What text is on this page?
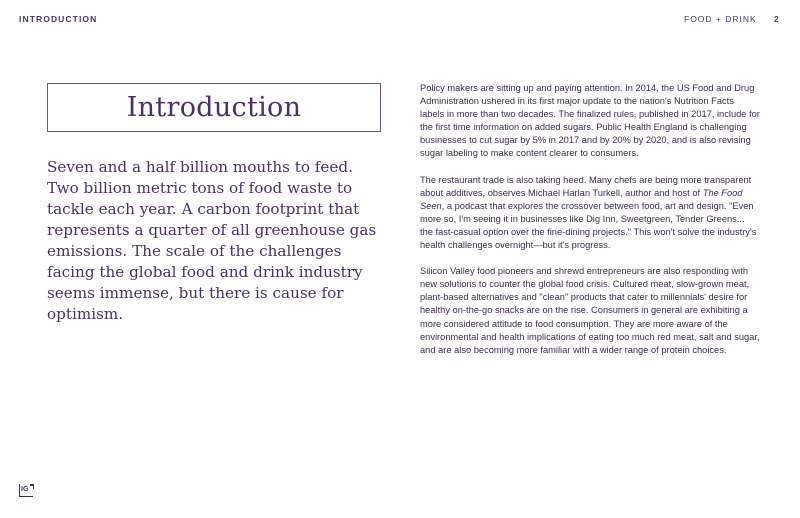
INTRODUCTION	FOOD + DRINK 2
Introduction
Seven and a half billion mouths to feed. Two billion metric tons of food waste to tackle each year. A carbon footprint that represents a quarter of all greenhouse gas emissions. The scale of the challenges facing the global food and drink industry seems immense, but there is cause for optimism.

Policy makers are sitting up and paying attention. In 2014, the US Food and Drug Administration ushered in its first major update to the nation's Nutrition Facts labels in more than two decades. The finalized rules, published in 2017, include for the first time information on added sugars. Public Health England is challenging businesses to cut sugar by 5% in 2017 and by 20% by 2020, and is also revising sugar labeling to make content clearer to consumers.

The restaurant trade is also taking heed. Many chefs are being more transparent about additives, observes Michael Harlan Turkell, author and host of The Food Seen, a podcast that explores the crossover between food, art and design. "Even more so, I'm seeing it in businesses like Dig Inn, Sweetgreen, Tender Greens... the fast-casual option over the fine-dining projects." This won't solve the industry's health challenges overnight—but it's progress.

Silicon Valley food pioneers and shrewd entrepreneurs are also responding with new solutions to counter the global food crisis. Cultured meat, slow-grown meat, plant-based alternatives and "clean" products that cater to millennials' desire for healthy on-the-go snacks are on the rise. Consumers in general are exhibiting a more considered attitude to food consumption. They are more aware of the environmental and health implications of eating too much red meat, salt and sugar, and are also becoming more familiar with a wider range of protein choices.

IG
